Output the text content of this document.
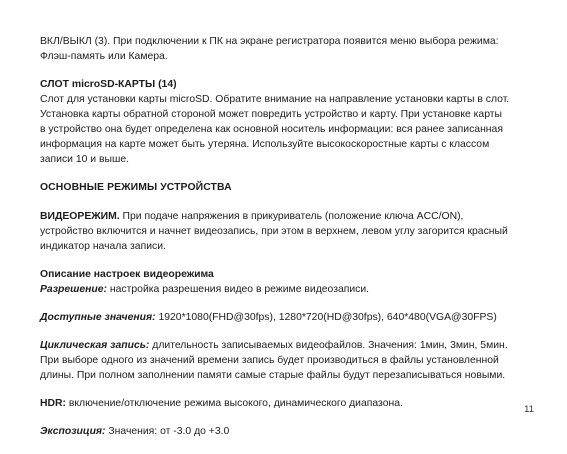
ВКЛ/ВЫКЛ (3). При подключении к ПК на экране регистратора появится меню выбора режима:

Флэш-память или Камера.

СЛОТ microSD-КАРТЫ (14)

Слот для установки карты microSD. Обратите внимание на направление установки карты в слот.

Установка карты обратной стороной может повредить устройство и карту. При установке карты

в устройство она будет определена как основной носитель информации: вся ранее записанная

информация на карте может быть утеряна. Используйте высокоскоростные карты с классом

записи 10 и выше.

ОСНОВНЫЕ РЕЖИМЫ УСТРОЙСТВА

ВИДЕОРЕЖИМ. При подаче напряжения в прикуриватель (положение ключа ACC/ON),

устройство включится и начнет видеозапись, при этом в верхнем, левом углу загорится красный

индикатор начала записи.

Описание настроек видеорежима

Разрешение: настройка разрешения видео в режиме видеозаписи.

Доступные значения: 1920*1080(FHD@30fps), 1280*720(HD@30fps), 640*480(VGA@30FPS)

Циклическая запись: длительность записываемых видеофайлов. Значения: 1мин, 3мин, 5мин.

При выборе одного из значений времени запись будет производиться в файлы установленной

длины. При полном заполнении памяти самые старые файлы будут перезаписываться новыми.

HDR: включение/отключение режима высокого, динамического диапазона.

Экспозиция: Значения: от -3.0 до +3.0

11
